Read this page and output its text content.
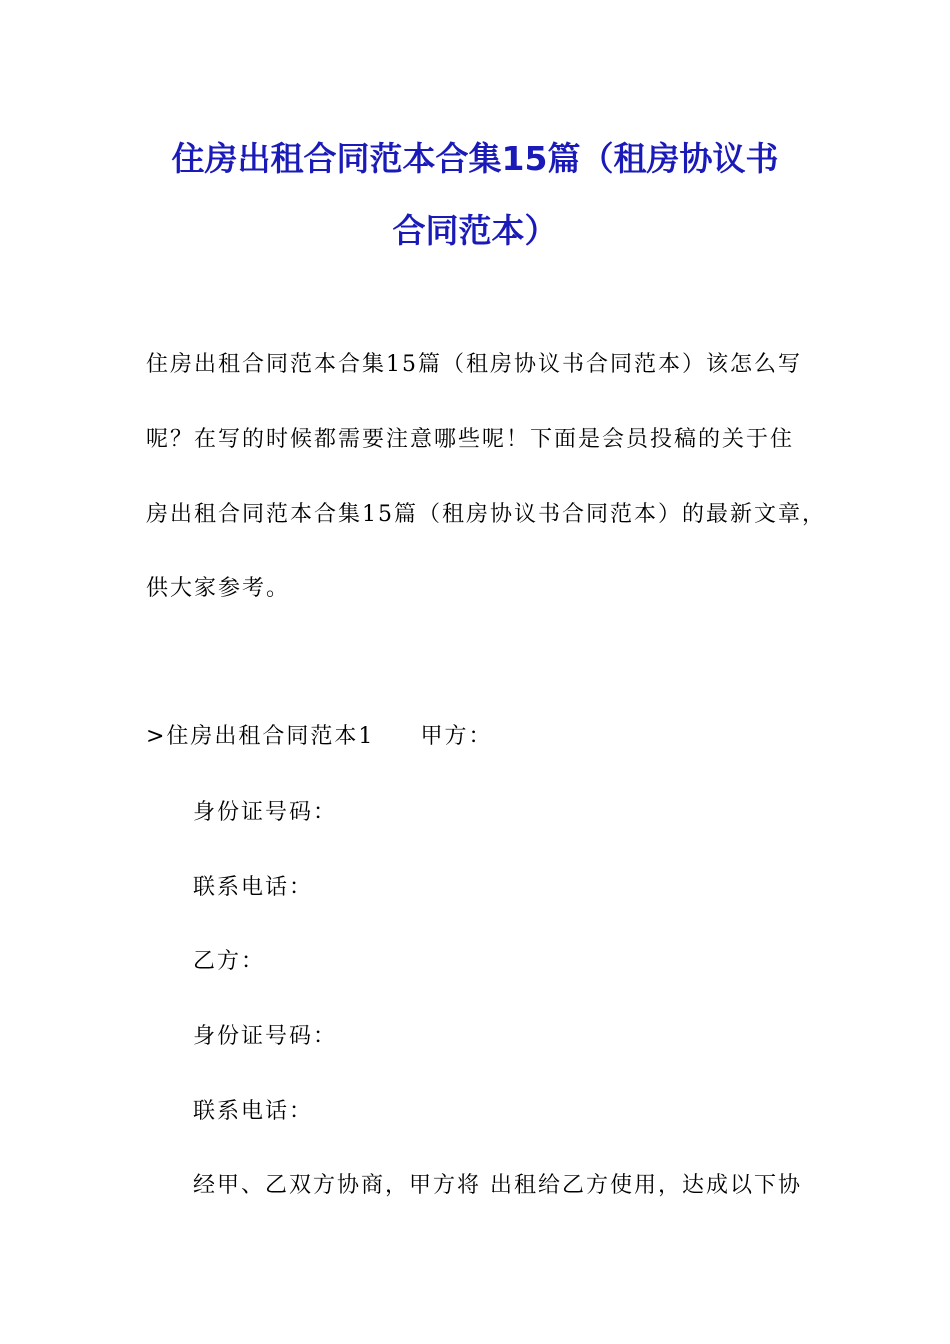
住房出租合同范本合集15篇（租房协议书
合同范本）

住房出租合同范本合集15篇（租房协议书合同范本）该怎么写

呢？在写的时候都需要注意哪些呢！下面是会员投稿的关于住

房出租合同范本合集15篇（租房协议书合同范本）的最新文章，

供大家参考。

>住房出租合同范本1 甲方：

身份证号码：

联系电话：

乙方：

身份证号码：

联系电话：

经甲、乙双方协商，甲方将 出租给乙方使用，达成以下协
